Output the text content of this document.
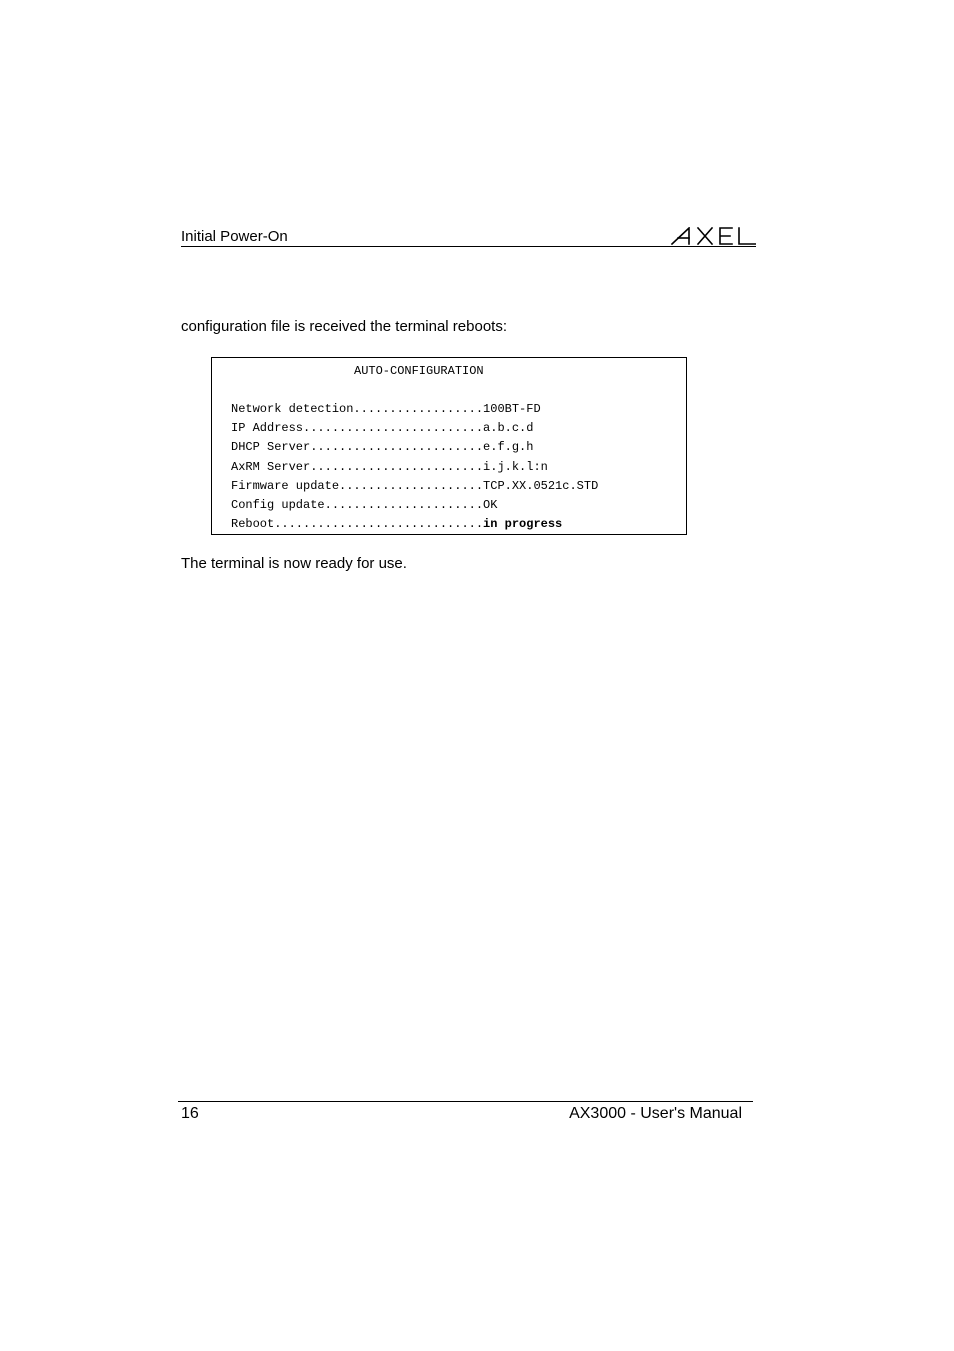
Initial Power-On
configuration file is received the terminal reboots:
AUTO-CONFIGURATION
Network detection..................100BT-FD
IP Address.........................a.b.c.d
DHCP Server........................e.f.g.h
AxRM Server........................i.j.k.l:n
Firmware update....................TCP.XX.0521c.STD
Config update......................OK
Reboot.............................in progress
The terminal is now ready for use.
16	AX3000 - User's Manual
